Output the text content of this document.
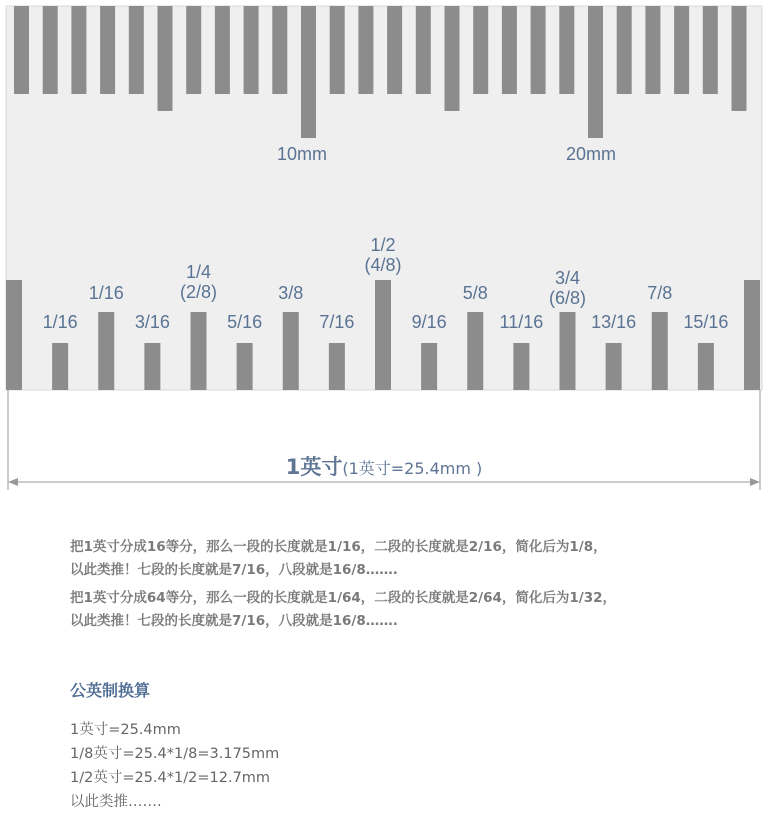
10mm	20mm
1/16
1/16	3/16
1/4
(2/8)
5/16
3/8
7/16
1/2
(4/8)
9/16
5/8
11/16
3/4
(6/8)
13/16
7/8
15/16
1英寸(1英寸=25.4mm )
把1英寸分成16等分，那么一段的长度就是1/16，二段的长度就是2/16，简化后为1/8，
以此类推！七段的长度就是7/16，八段就是16/8…….
把1英寸分成64等分，那么一段的长度就是1/64，二段的长度就是2/64，简化后为1/32，
以此类推！七段的长度就是7/16，八段就是16/8…….
公英制换算
1英寸=25.4mm
1/8英寸=25.4*1/8=3.175mm
1/2英寸=25.4*1/2=12.7mm
以此类推…….
